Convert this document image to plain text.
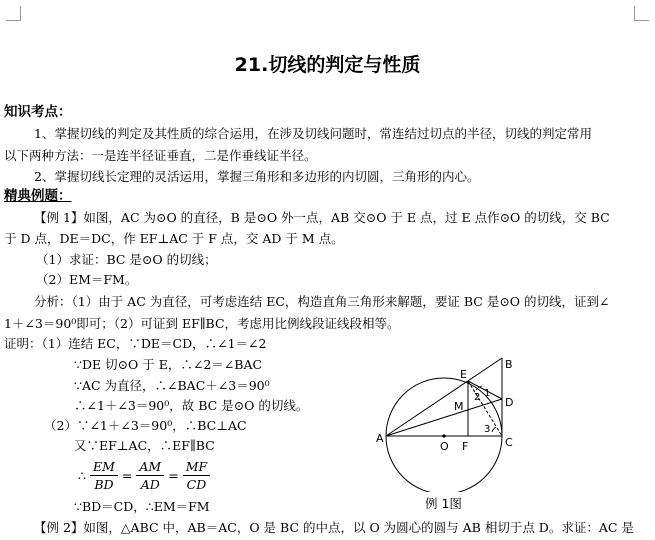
21.切线的判定与性质
知识考点：
1、掌握切线的判定及其性质的综合运用，在涉及切线问题时，常连结过切点的半径，切线的判定常用
以下两种方法：一是连半径证垂直，二是作垂线证半径。
2、掌握切线长定理的灵活运用，掌握三角形和多边形的内切圆，三角形的内心。
精典例题：
【例 1】如图，AC 为⊙O 的直径，B 是⊙O 外一点，AB 交⊙O 于 E 点，过 E 点作⊙O 的切线，交 BC
于 D 点，DE＝DC，作 EF⊥AC 于 F 点，交 AD 于 M 点。
（1）求证：BC 是⊙O 的切线；
（2）EM＝FM。
分析：（1）由于 AC 为直径，可考虑连结 EC，构造直角三角形来解题，要证 BC 是⊙O 的切线，证到∠
1＋∠3＝90⁰即可；（2）可证到 EF∥BC，考虑用比例线段证线段相等。
证明：（1）连结 EC，∵DE＝CD，∴∠1＝∠2
∵DE 切⊙O 于 E，∴∠2＝∠BAC
∵AC 为直径，∴∠BAC＋∠3＝90⁰
∴∠1＋∠3＝90⁰，故 BC 是⊙O 的切线。
（2）∵∠1＋∠3＝90⁰，∴BC⊥AC
又∵EF⊥AC，∴EF∥BC
∴ $\frac{EM}{BD} = \frac{AM}{AD} = \frac{MF}{CD}$
∵BD＝CD，∴EM＝FM
A
B
C
D
E
F
M
O
1
2
3
例 1图
【例 2】如图，△ABC 中，AB＝AC，O 是 BC 的中点，以 O 为圆心的圆与 AB 相切于点 D。求证：AC 是
